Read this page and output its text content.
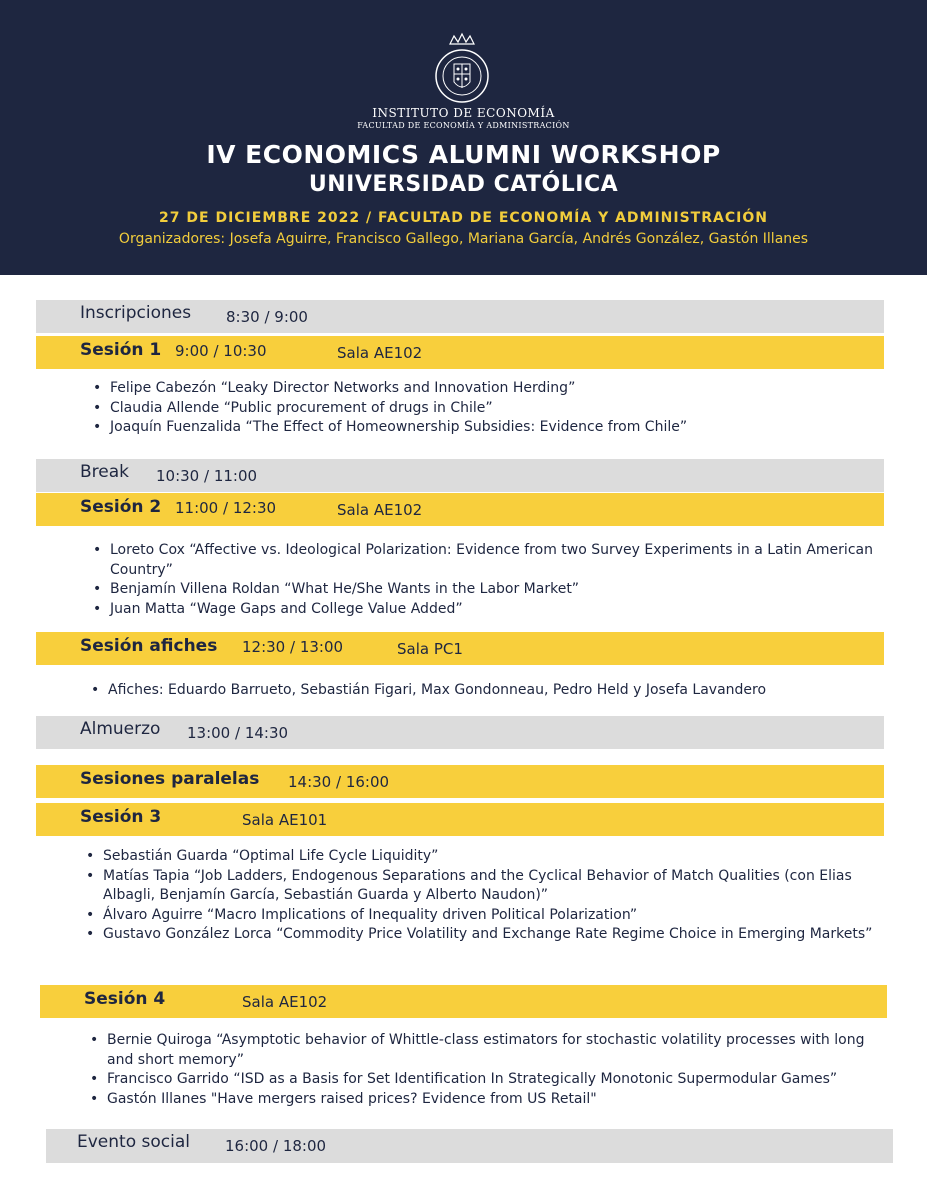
INSTITUTO DE ECONOMÍA
FACULTAD DE ECONOMÍA Y ADMINISTRACIÓN
IV ECONOMICS ALUMNI WORKSHOP
UNIVERSIDAD CATÓLICA
27 DE DICIEMBRE 2022 / FACULTAD DE ECONOMÍA Y ADMINISTRACIÓN
Organizadores: Josefa Aguirre, Francisco Gallego, Mariana García, Andrés González, Gastón Illanes
Inscripciones 8:30 / 9:00
Sesión 1 9:00 / 10:30	Sala AE102
• Felipe Cabezón “Leaky Director Networks and Innovation Herding”
• Claudia Allende “Public procurement of drugs in Chile”
• Joaquín Fuenzalida “The Effect of Homeownership Subsidies: Evidence from Chile”
Break 10:30 / 11:00
Sesión 2 11:00 / 12:30	Sala AE102
• Loreto Cox “Affective vs. Ideological Polarization: Evidence from two Survey Experiments in a Latin American Country”
• Benjamín Villena Roldan “What He/She Wants in the Labor Market”
• Juan Matta “Wage Gaps and College Value Added”
Sesión afiches 12:30 / 13:00	Sala PC1
• Afiches: Eduardo Barrueto, Sebastián Figari, Max Gondonneau, Pedro Held y Josefa Lavandero
Almuerzo 13:00 / 14:30
Sesiones paralelas 14:30 / 16:00
Sesión 3	Sala AE101
• Sebastián Guarda “Optimal Life Cycle Liquidity”
• Matías Tapia “Job Ladders, Endogenous Separations and the Cyclical Behavior of Match Qualities (con Elias Albagli, Benjamín García, Sebastián Guarda y Alberto Naudon)”
• Álvaro Aguirre “Macro Implications of Inequality driven Political Polarization”
• Gustavo González Lorca “Commodity Price Volatility and Exchange Rate Regime Choice in Emerging Markets”
Sesión 4	Sala AE102
• Bernie Quiroga “Asymptotic behavior of Whittle-class estimators for stochastic volatility processes with long and short memory”
• Francisco Garrido “ISD as a Basis for Set Identification In Strategically Monotonic Supermodular Games”
• Gastón Illanes "Have mergers raised prices? Evidence from US Retail"
Evento social 16:00 / 18:00
